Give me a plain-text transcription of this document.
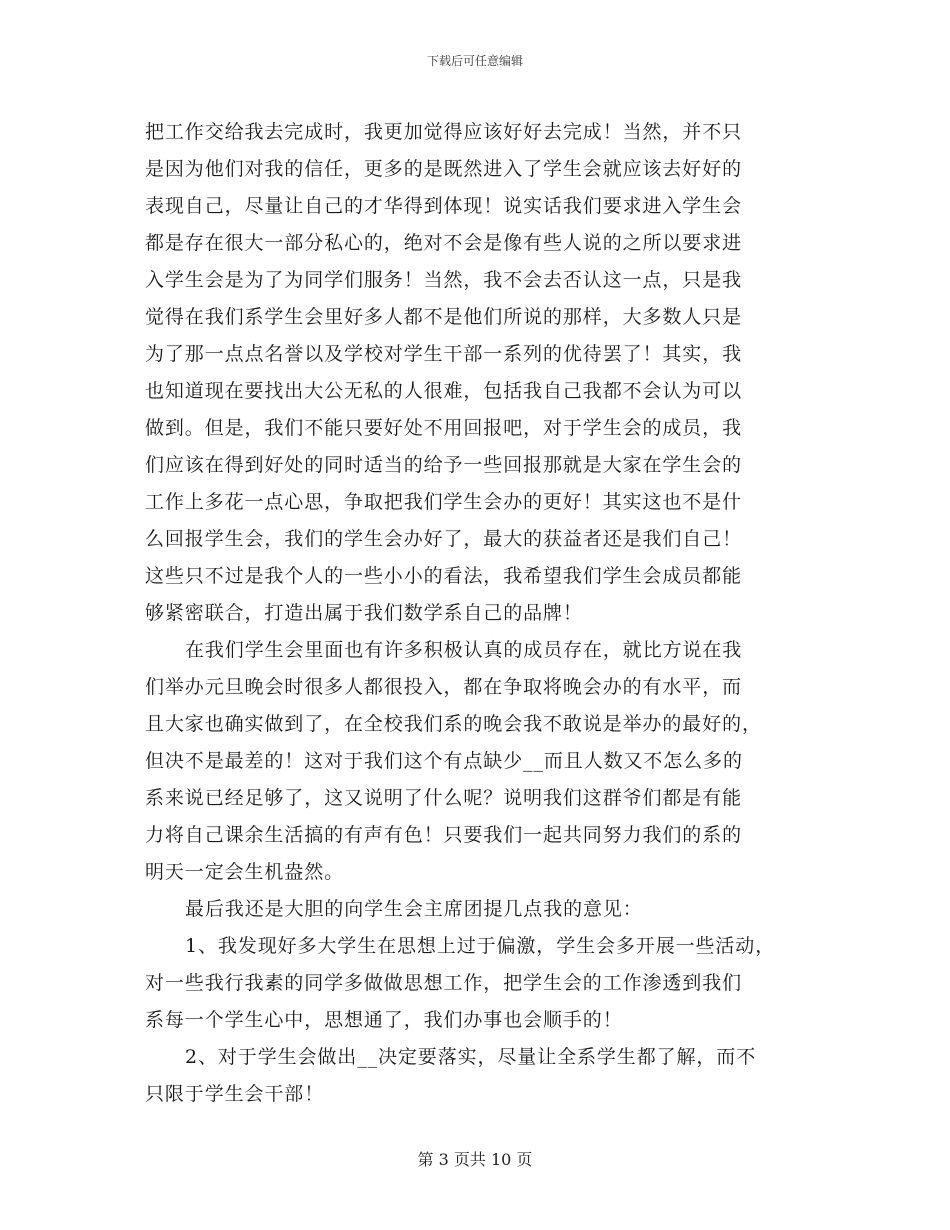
下载后可任意编辑
把工作交给我去完成时，我更加觉得应该好好去完成！当然，并不只
是因为他们对我的信任，更多的是既然进入了学生会就应该去好好的
表现自己，尽量让自己的才华得到体现！说实话我们要求进入学生会
都是存在很大一部分私心的，绝对不会是像有些人说的之所以要求进
入学生会是为了为同学们服务！当然，我不会去否认这一点，只是我
觉得在我们系学生会里好多人都不是他们所说的那样，大多数人只是
为了那一点点名誉以及学校对学生干部一系列的优待罢了！其实，我
也知道现在要找出大公无私的人很难，包括我自己我都不会认为可以
做到。但是，我们不能只要好处不用回报吧，对于学生会的成员，我
们应该在得到好处的同时适当的给予一些回报那就是大家在学生会的
工作上多花一点心思，争取把我们学生会办的更好！其实这也不是什
么回报学生会，我们的学生会办好了，最大的获益者还是我们自己！
这些只不过是我个人的一些小小的看法，我希望我们学生会成员都能
够紧密联合，打造出属于我们数学系自己的品牌！
在我们学生会里面也有许多积极认真的成员存在，就比方说在我
们举办元旦晚会时很多人都很投入，都在争取将晚会办的有水平，而
且大家也确实做到了，在全校我们系的晚会我不敢说是举办的最好的，
但决不是最差的！这对于我们这个有点缺少__而且人数又不怎么多的
系来说已经足够了，这又说明了什么呢？说明我们这群爷们都是有能
力将自己课余生活搞的有声有色！只要我们一起共同努力我们的系的
明天一定会生机盎然。
最后我还是大胆的向学生会主席团提几点我的意见：
1、我发现好多大学生在思想上过于偏激，学生会多开展一些活动，
对一些我行我素的同学多做做思想工作，把学生会的工作渗透到我们
系每一个学生心中，思想通了，我们办事也会顺手的！
2、对于学生会做出__决定要落实，尽量让全系学生都了解，而不
只限于学生会干部！
第 3 页共 10 页
